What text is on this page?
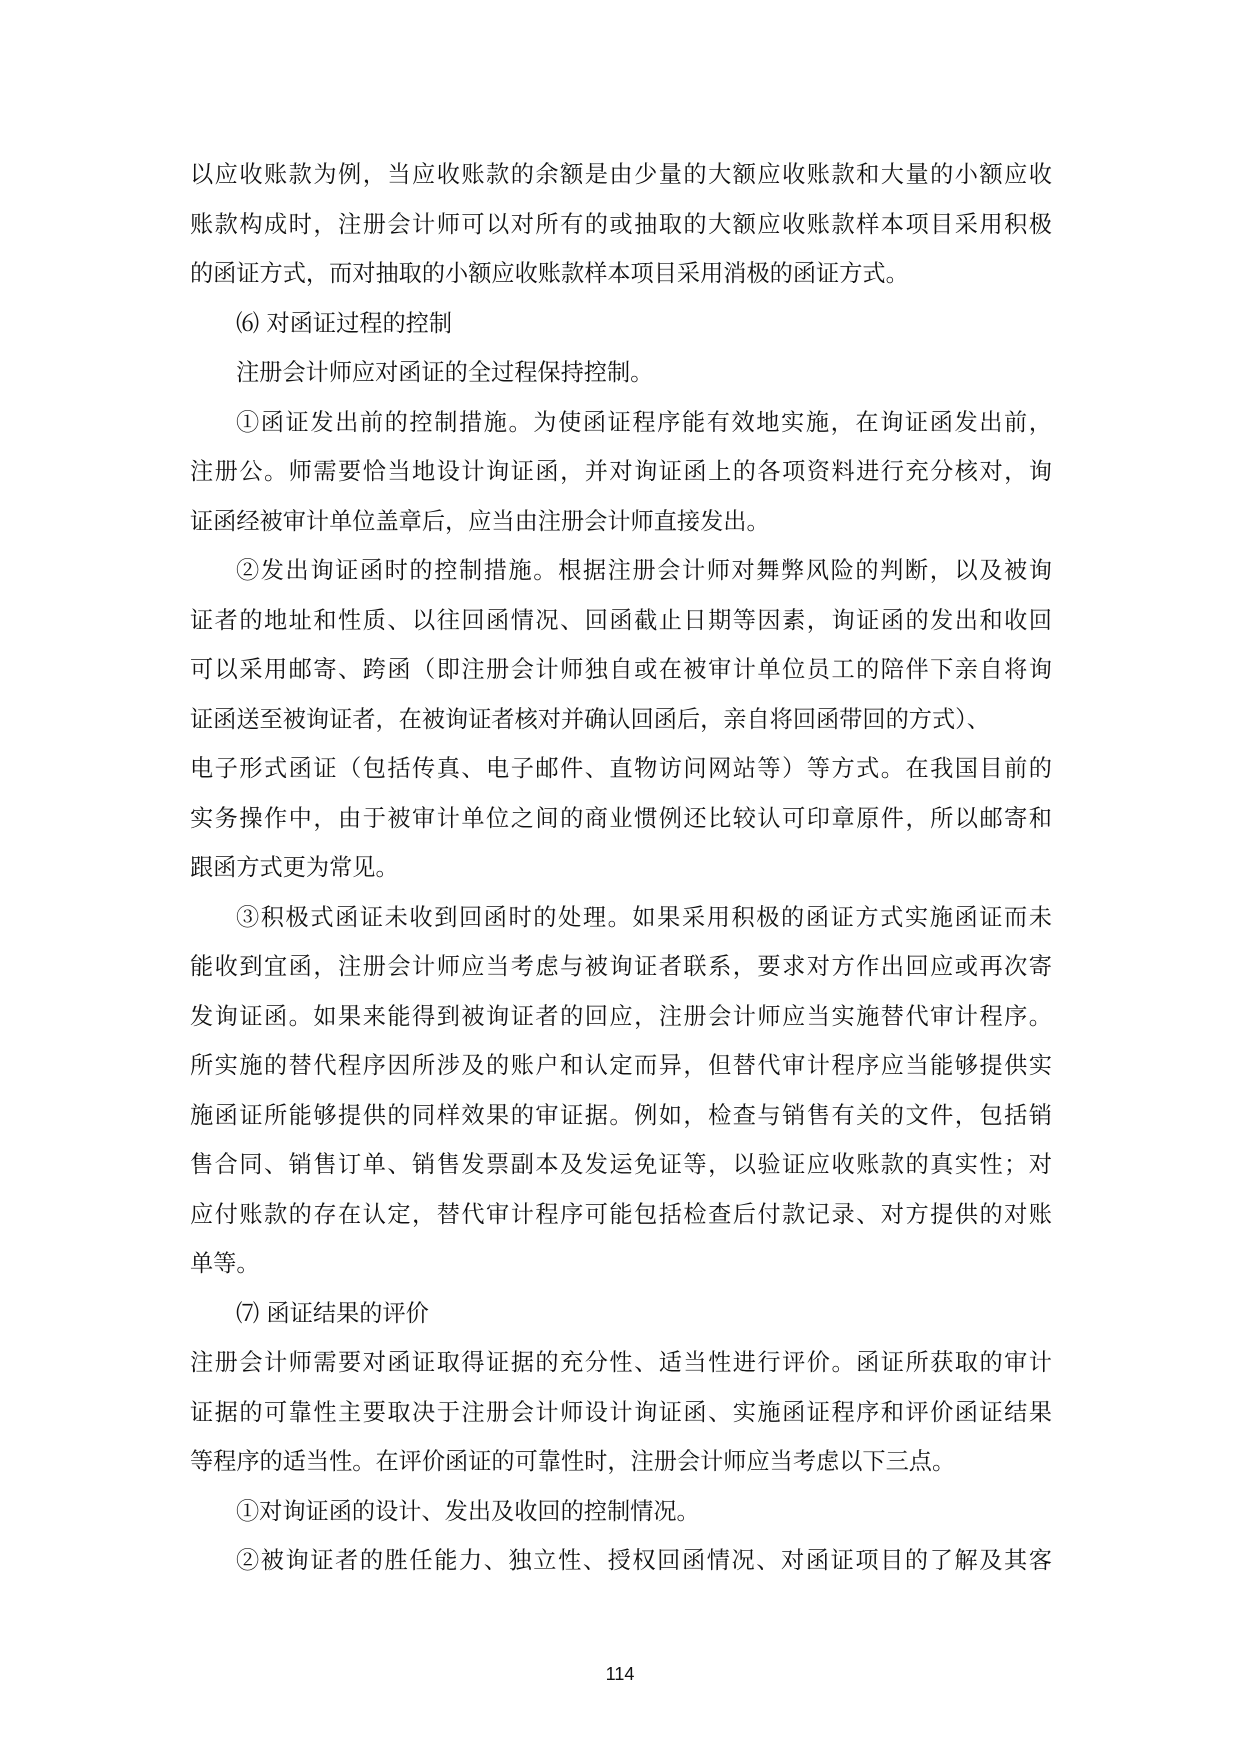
以应收账款为例，当应收账款的余额是由少量的大额应收账款和大量的小额应收
账款构成时，注册会计师可以对所有的或抽取的大额应收账款样本项目采用积极
的函证方式，而对抽取的小额应收账款样本项目采用消极的函证方式。
⑹ 对函证过程的控制
注册会计师应对函证的全过程保持控制。
①函证发出前的控制措施。为使函证程序能有效地实施，在询证函发出前，
注册公。师需要恰当地设计询证函，并对询证函上的各项资料进行充分核对，询
证函经被审计单位盖章后，应当由注册会计师直接发出。
②发出询证函时的控制措施。根据注册会计师对舞弊风险的判断，以及被询
证者的地址和性质、以往回函情况、回函截止日期等因素，询证函的发出和收回
可以采用邮寄、跨函（即注册会计师独自或在被审计单位员工的陪伴下亲自将询
证函送至被询证者，在被询证者核对并确认回函后，亲自将回函带回的方式）、
电子形式函证（包括传真、电子邮件、直物访问网站等）等方式。在我国目前的
实务操作中，由于被审计单位之间的商业惯例还比较认可印章原件，所以邮寄和
跟函方式更为常见。
③积极式函证未收到回函时的处理。如果采用积极的函证方式实施函证而未
能收到宜函，注册会计师应当考虑与被询证者联系，要求对方作出回应或再次寄
发询证函。如果来能得到被询证者的回应，注册会计师应当实施替代审计程序。
所实施的替代程序因所涉及的账户和认定而异，但替代审计程序应当能够提供实
施函证所能够提供的同样效果的审证据。例如，检查与销售有关的文件，包括销
售合同、销售订单、销售发票副本及发运免证等，以验证应收账款的真实性；对
应付账款的存在认定，替代审计程序可能包括检查后付款记录、对方提供的对账
单等。
⑺ 函证结果的评价
注册会计师需要对函证取得证据的充分性、适当性进行评价。函证所获取的审计
证据的可靠性主要取决于注册会计师设计询证函、实施函证程序和评价函证结果
等程序的适当性。在评价函证的可靠性时，注册会计师应当考虑以下三点。
①对询证函的设计、发出及收回的控制情况。
②被询证者的胜任能力、独立性、授权回函情况、对函证项目的了解及其客
114
